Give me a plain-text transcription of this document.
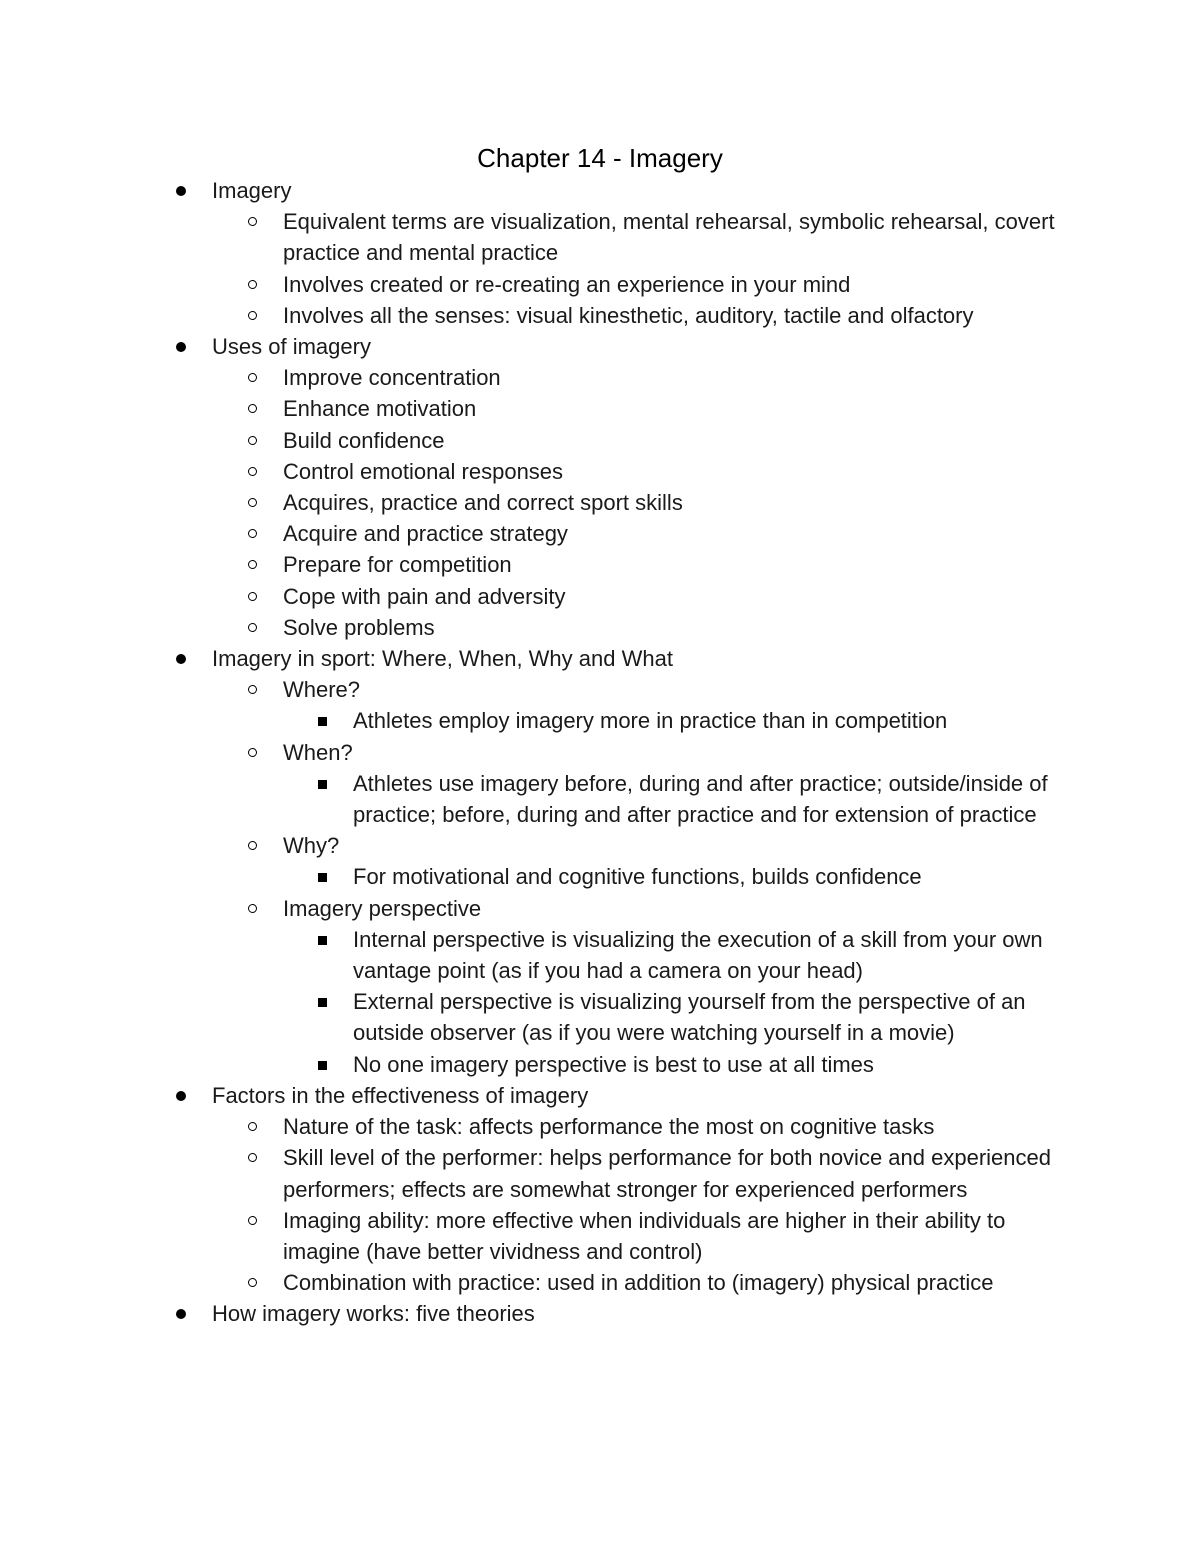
Chapter 14 - Imagery
Imagery
Equivalent terms are visualization, mental rehearsal, symbolic rehearsal, covert practice and mental practice
Involves created or re-creating an experience in your mind
Involves all the senses: visual kinesthetic, auditory, tactile and olfactory
Uses of imagery
Improve concentration
Enhance motivation
Build confidence
Control emotional responses
Acquires, practice and correct sport skills
Acquire and practice strategy
Prepare for competition
Cope with pain and adversity
Solve problems
Imagery in sport: Where, When, Why and What
Where?
Athletes employ imagery more in practice than in competition
When?
Athletes use imagery before, during and after practice; outside/inside of practice; before, during and after practice and for extension of practice
Why?
For motivational and cognitive functions, builds confidence
Imagery perspective
Internal perspective is visualizing the execution of a skill from your own vantage point (as if you had a camera on your head)
External perspective is visualizing yourself from the perspective of an outside observer (as if you were watching yourself in a movie)
No one imagery perspective is best to use at all times
Factors in the effectiveness of imagery
Nature of the task: affects performance the most on cognitive tasks
Skill level of the performer: helps performance for both novice and experienced performers; effects are somewhat stronger for experienced performers
Imaging ability: more effective when individuals are higher in their ability to imagine (have better vividness and control)
Combination with practice: used in addition to (imagery) physical practice
How imagery works: five theories
